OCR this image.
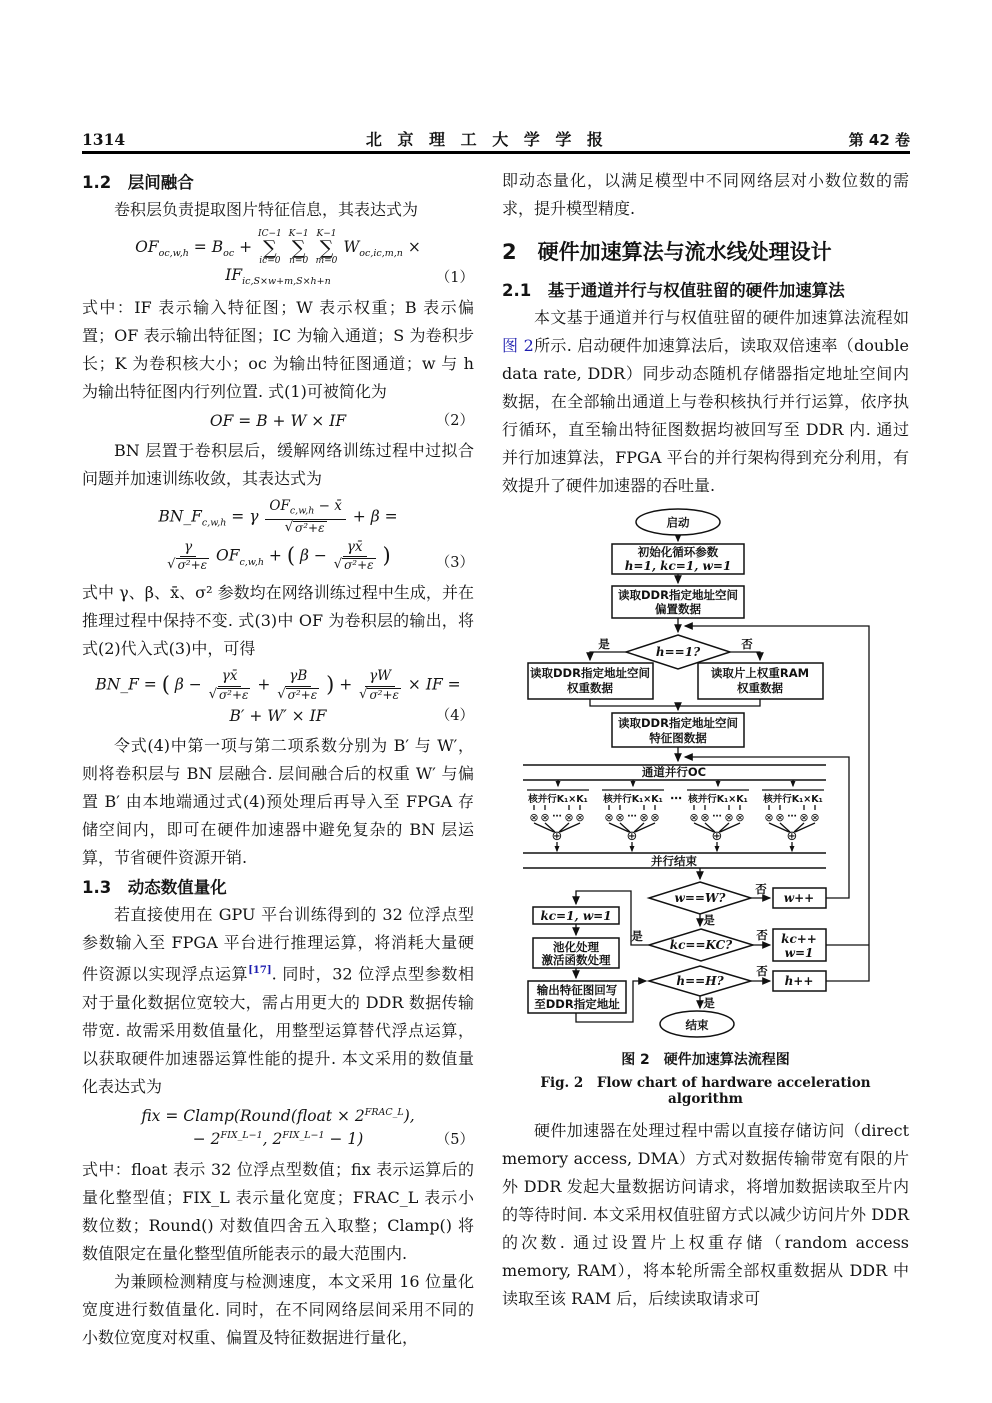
1314	北 京 理 工 大 学 学 报	第 42 卷
1.2　层间融合

卷积层负责提取图片特征信息，其表达式为

$OF_{oc,w,h} = B_{oc}$ +
IC−1
∑
ic=0

K−1
∑
n=0

K−1
∑
m=0
$W_{oc,ic,m,n} \times IF_{ic,S\times w+m,S\times h+n}$	（1）

式中：IF 表示输入特征图；W 表示权重；B 表示偏置；OF 表示输出特征图；IC 为输入通道；S 为卷积步长；K 为卷积核大小；oc 为输出特征图通道；w 与 h 为输出特征图内行列位置. 式(1)可被简化为

OF = B + W × IF	（2）

BN 层置于卷积层后，缓解网络训练过程中过拟合问题并加速训练收敛，其表达式为

$BN\_F_{c,w,h} = \gamma \frac{OF_{c,w,h} - x̄}{\text{√ σ²+ε}} + \beta$ =
$\frac{\gamma}{\text{√ σ²+ε}} OF_{c,w,h}$ + ( $\beta - \frac{\gamma x̄}{\text{√ σ²+ε}}$ )	（3）

式中 γ、β、x̄、σ² 参数均在网络训练过程中生成，并在推理过程中保持不变. 式(3)中 OF 为卷积层的输出，将式(2)代入式(3)中，可得

BN_F = ( $\beta - \frac{\gamma x̄}{\text{√ σ²+ε}} + \frac{\gamma B}{\text{√ σ²+ε}}$ ) + $\frac{\gamma W}{\text{√ σ²+ε}}$ × IF =
B′ + W′ × IF	（4）

令式(4)中第一项与第二项系数分别为 B′ 与 W′，则将卷积层与 BN 层融合. 层间融合后的权重 W′ 与偏置 B′ 由本地端通过式(4)预处理后再导入至 FPGA 存储空间内，即可在硬件加速器中避免复杂的 BN 层运算，节省硬件资源开销.

1.3　动态数值量化

若直接使用在 GPU 平台训练得到的 32 位浮点型参数输入至 FPGA 平台进行推理运算，将消耗大量硬件资源以实现浮点运算[17]. 同时，32 位浮点型参数相对于量化数据位宽较大，需占用更大的 DDR 数据传输带宽. 故需采用数值量化，用整型运算替代浮点运算，以获取硬件加速器运算性能的提升. 本文采用的数值量化表达式为

fix = Clamp(Round(float × $2^{FRAC\_L}$),
− $2^{FIX\_L-1}$, $2^{FIX\_L-1} - 1$)	（5）

式中：float 表示 32 位浮点型数值；fix 表示运算后的量化整型值；FIX_L 表示量化宽度；FRAC_L 表示小数位数；Round() 对数值四舍五入取整；Clamp() 将数值限定在量化整型值所能表示的最大范围内.

为兼顾检测精度与检测速度，本文采用 16 位量化宽度进行数值量化. 同时，在不同网络层间采用不同的小数位宽度对权重、偏置及特征数据进行量化，

即动态量化，以满足模型中不同网络层对小数位数的需求，提升模型精度.

2　硬件加速算法与流水线处理设计
2.1　基于通道并行与权值驻留的硬件加速算法

本文基于通道并行与权值驻留的硬件加速算法流程如图 2所示. 启动硬件加速算法后，读取双倍速率（double data rate, DDR）同步动态随机存储器指定地址空间内数据，在全部输出通道上与卷积核执行并行运算，依序执行循环，直至输出特征图数据均被回写至 DDR 内. 通过并行加速算法，FPGA 平台的并行架构得到充分利用，有效提升了硬件加速器的吞吐量.

启动
初始化循环参数
h=1, kc=1, w=1
读取DDR指定地址空间
偏置数据
h==1?
是	否
读取DDR指定地址空间
权重数据
读取片上权重RAM
权重数据
读取DDR指定地址空间
特征图数据
通道并行OC
核并行K₁×K₁
⊗ ⊗ ⋯ ⊗ ⊗
⊕
核并行K₁×K₁
⊗ ⊗ ⋯ ⊗ ⊗
⊕
⋯ 核并行K₁×K₁
⊗ ⊗ ⋯ ⊗ ⊗
⊕
核并行K₁×K₁
⊗ ⊗ ⋯ ⊗ ⊗
⊕
并行结束
w==W?
否
是
w++
kc==KC?
否
是	kc++
w=1
kc=1, w=1
池化处理
激活函数处理
输出特征图回写
至DDR指定地址
h==H?
否
是
h++
结束

图 2　硬件加速算法流程图

Fig. 2　Flow chart of hardware acceleration algorithm

硬件加速器在处理过程中需以直接存储访问（direct memory access, DMA）方式对数据传输带宽有限的片外 DDR 发起大量数据访问请求，将增加数据读取至片内的等待时间. 本文采用权值驻留方式以减少访问片外 DDR 的次数. 通过设置片上权重存储（random access memory, RAM），将本轮所需全部权重数据从 DDR 中读取至该 RAM 后，后续读取请求可
